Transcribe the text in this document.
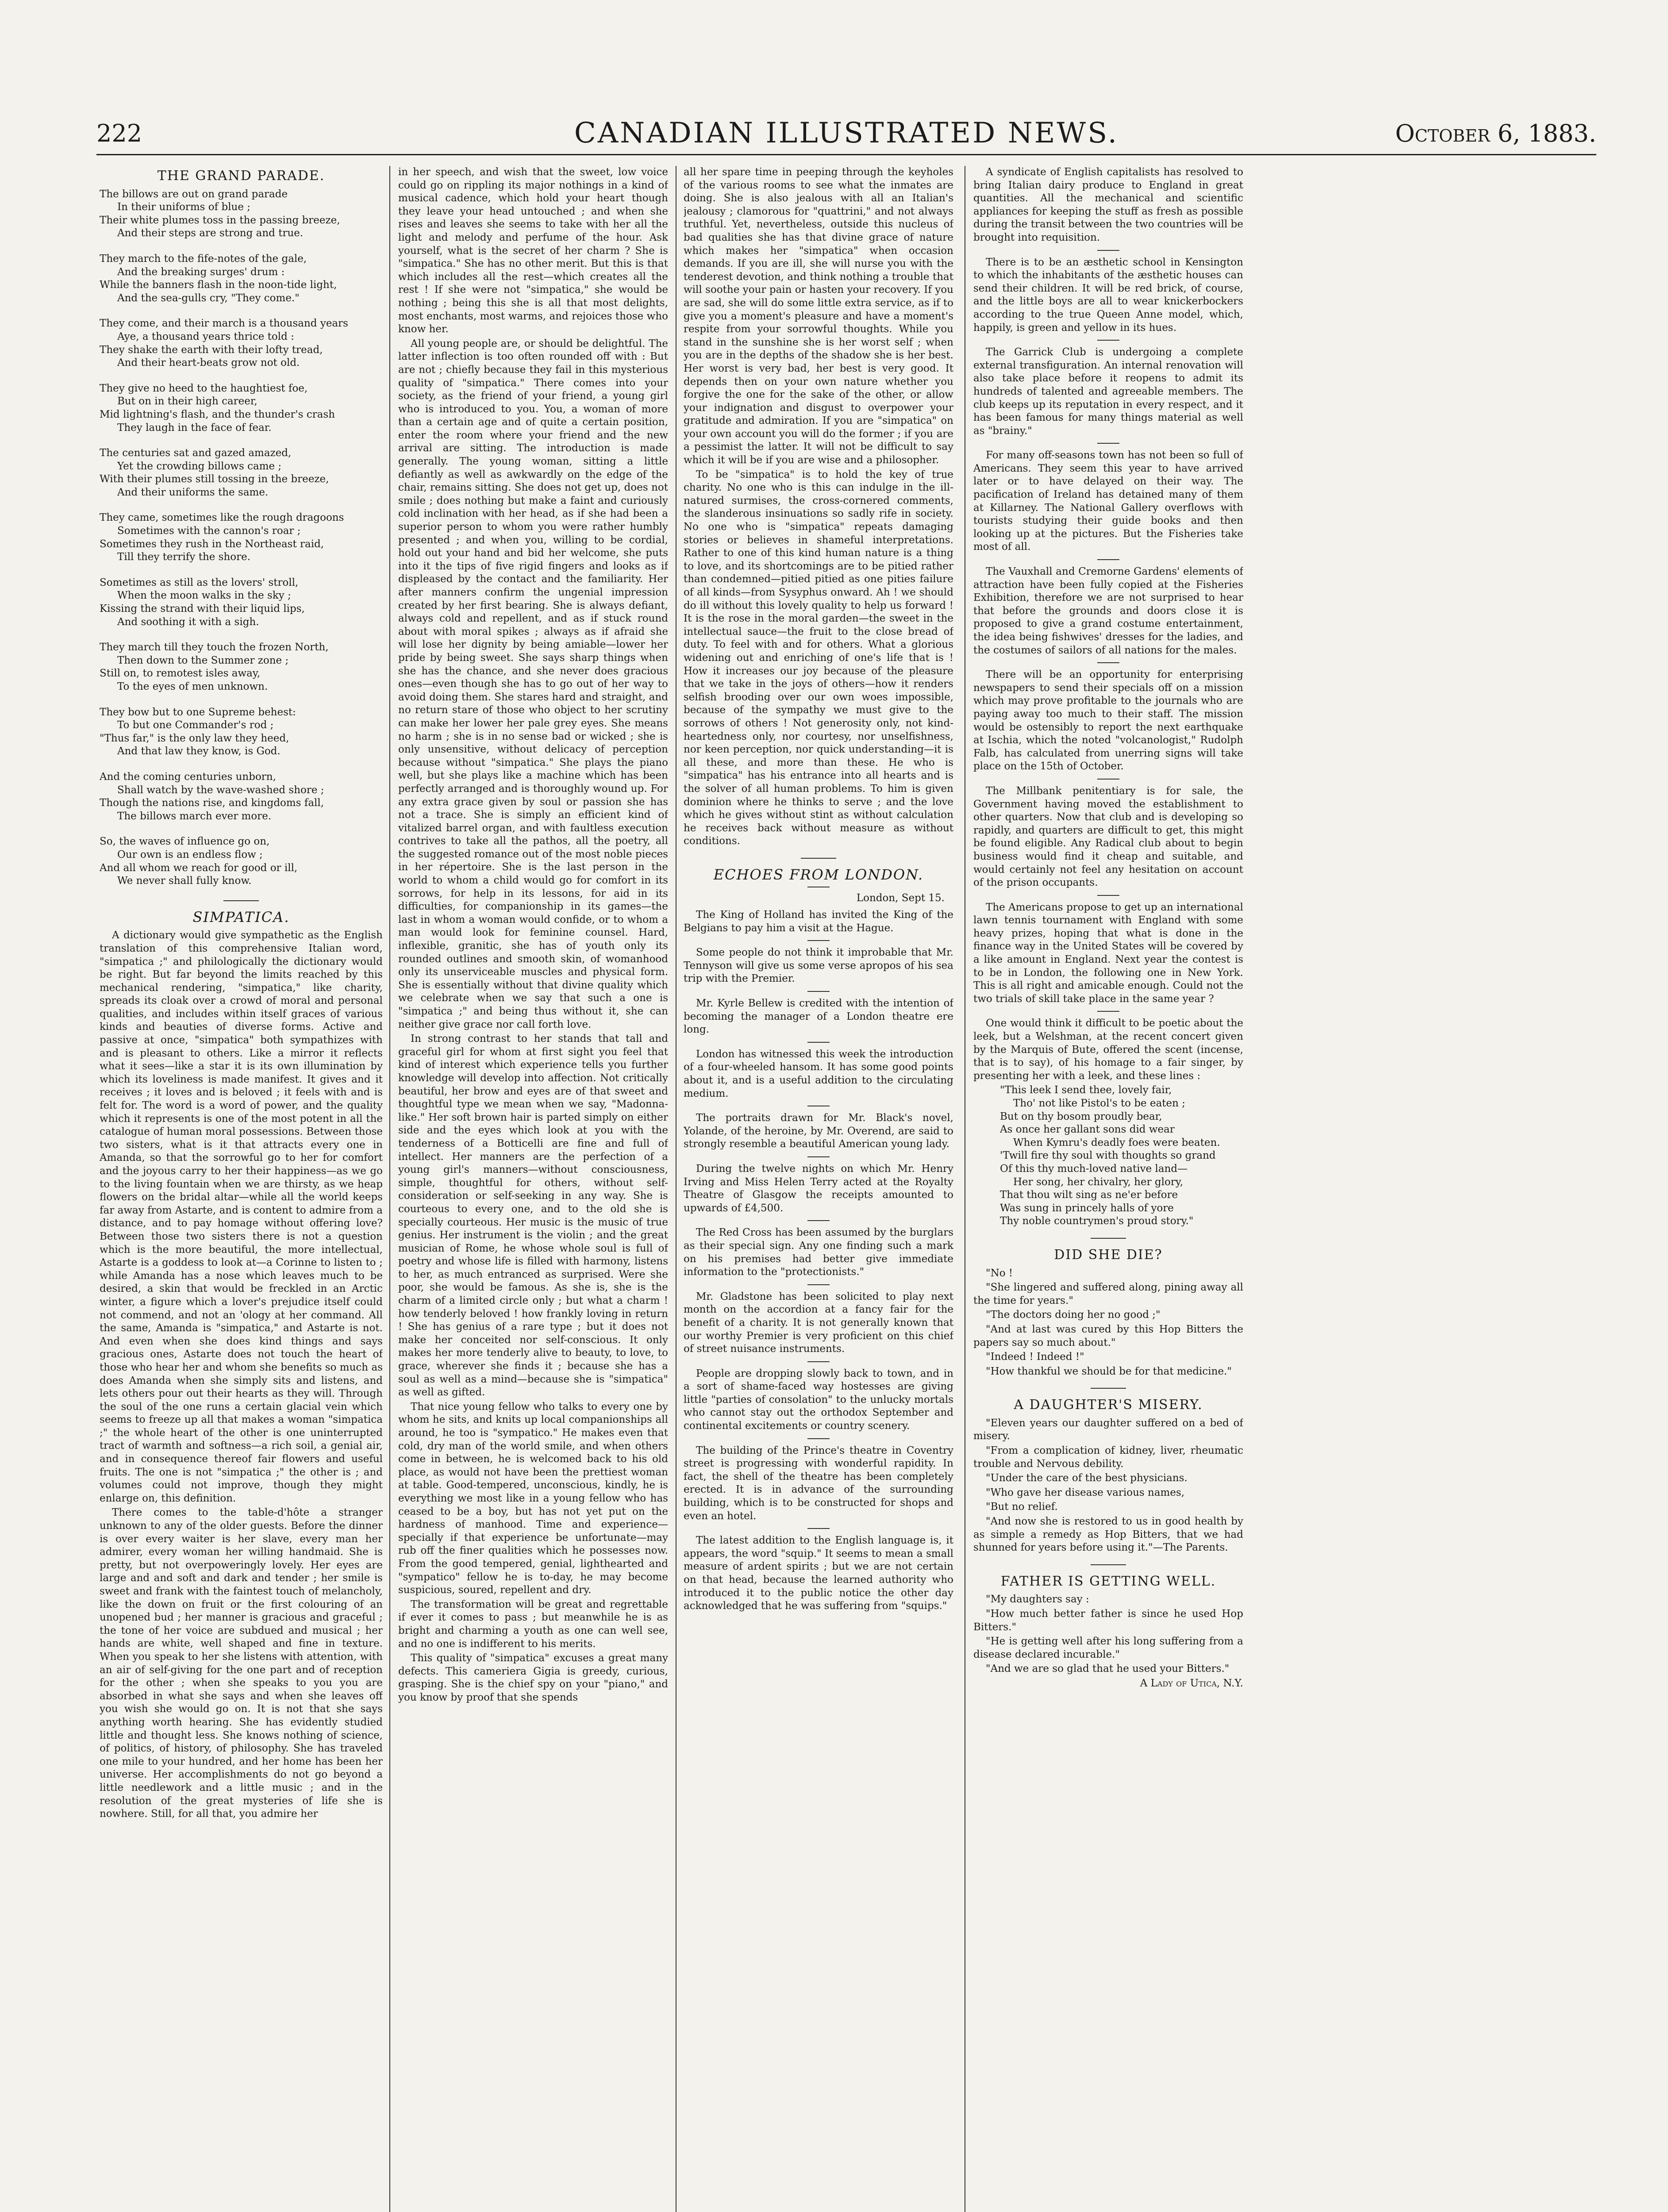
222	CANADIAN ILLUSTRATED NEWS.	October 6, 1883.
THE GRAND PARADE.
The billows are out on grand parade
In their uniforms of blue ;
Their white plumes toss in the passing breeze,
And their steps are strong and true.
They march to the fife-notes of the gale,
And the breaking surges' drum :
While the banners flash in the noon-tide light,
And the sea-gulls cry, "They come."
They come, and their march is a thousand years
Aye, a thousand years thrice told :
They shake the earth with their lofty tread,
And their heart-beats grow not old.
They give no heed to the haughtiest foe,
But on in their high career,
Mid lightning's flash, and the thunder's crash
They laugh in the face of fear.
The centuries sat and gazed amazed,
Yet the crowding billows came ;
With their plumes still tossing in the breeze,
And their uniforms the same.
They came, sometimes like the rough dragoons
Sometimes with the cannon's roar ;
Sometimes they rush in the Northeast raid,
Till they terrify the shore.
Sometimes as still as the lovers' stroll,
When the moon walks in the sky ;
Kissing the strand with their liquid lips,
And soothing it with a sigh.
They march till they touch the frozen North,
Then down to the Summer zone ;
Still on, to remotest isles away,
To the eyes of men unknown.
They bow but to one Supreme behest:
To but one Commander's rod ;
"Thus far," is the only law they heed,
And that law they know, is God.
And the coming centuries unborn,
Shall watch by the wave-washed shore ;
Though the nations rise, and kingdoms fall,
The billows march ever more.
So, the waves of influence go on,
Our own is an endless flow ;
And all whom we reach for good or ill,
We never shall fully know.
SIMPATICA.

A dictionary would give sympathetic as the English translation of this comprehensive Italian word, "simpatica ;" and philologically the dictionary would be right. But far beyond the limits reached by this mechanical rendering, "simpatica," like charity, spreads its cloak over a crowd of moral and personal qualities, and includes within itself graces of various kinds and beauties of diverse forms. Active and passive at once, "simpatica" both sympathizes with and is pleasant to others. Like a mirror it reflects what it sees—like a star it is its own illumination by which its loveliness is made manifest. It gives and it receives ; it loves and is beloved ; it feels with and is felt for. The word is a word of power, and the quality which it represents is one of the most potent in all the catalogue of human moral possessions. Between those two sisters, what is it that attracts every one in Amanda, so that the sorrowful go to her for comfort and the joyous carry to her their happiness—as we go to the living fountain when we are thirsty, as we heap flowers on the bridal altar—while all the world keeps far away from Astarte, and is content to admire from a distance, and to pay homage without offering love? Between those two sisters there is not a question which is the more beautiful, the more intellectual, Astarte is a goddess to look at—a Corinne to listen to ; while Amanda has a nose which leaves much to be desired, a skin that would be freckled in an Arctic winter, a figure which a lover's prejudice itself could not commend, and not an 'ology at her command. All the same, Amanda is "simpatica," and Astarte is not. And even when she does kind things and says gracious ones, Astarte does not touch the heart of those who hear her and whom she benefits so much as does Amanda when she simply sits and listens, and lets others pour out their hearts as they will. Through the soul of the one runs a certain glacial vein which seems to freeze up all that makes a woman "simpatica ;" the whole heart of the other is one uninterrupted tract of warmth and softness—a rich soil, a genial air, and in consequence thereof fair flowers and useful fruits. The one is not "simpatica ;" the other is ; and volumes could not improve, though they might enlarge on, this definition.

There comes to the table-d'hôte a stranger unknown to any of the older guests. Before the dinner is over every waiter is her slave, every man her admirer, every woman her willing handmaid. She is pretty, but not overpoweringly lovely. Her eyes are large and and soft and dark and tender ; her smile is sweet and frank with the faintest touch of melancholy, like the down on fruit or the first colouring of an unopened bud ; her manner is gracious and graceful ; the tone of her voice are subdued and musical ; her hands are white, well shaped and fine in texture. When you speak to her she listens with attention, with an air of self-giving for the one part and of reception for the other ; when she speaks to you you are absorbed in what she says and when she leaves off you wish she would go on. It is not that she says anything worth hearing. She has evidently studied little and thought less. She knows nothing of science, of politics, of history, of philosophy. She has traveled one mile to your hundred, and her home has been her universe. Her accomplishments do not go beyond a little needlework and a little music ; and in the resolution of the great mysteries of life she is nowhere. Still, for all that, you admire her

in her speech, and wish that the sweet, low voice could go on rippling its major nothings in a kind of musical cadence, which hold your heart though they leave your head untouched ; and when she rises and leaves she seems to take with her all the light and melody and perfume of the hour. Ask yourself, what is the secret of her charm ? She is "simpatica." She has no other merit. But this is that which includes all the rest—which creates all the rest ! If she were not "simpatica," she would be nothing ; being this she is all that most delights, most enchants, most warms, and rejoices those who know her.

All young people are, or should be delightful. The latter inflection is too often rounded off with : But are not ; chiefly because they fail in this mysterious quality of "simpatica." There comes into your society, as the friend of your friend, a young girl who is introduced to you. You, a woman of more than a certain age and of quite a certain position, enter the room where your friend and the new arrival are sitting. The introduction is made generally. The young woman, sitting a little defiantly as well as awkwardly on the edge of the chair, remains sitting. She does not get up, does not smile ; does nothing but make a faint and curiously cold inclination with her head, as if she had been a superior person to whom you were rather humbly presented ; and when you, willing to be cordial, hold out your hand and bid her welcome, she puts into it the tips of five rigid fingers and looks as if displeased by the contact and the familiarity. Her after manners confirm the ungenial impression created by her first bearing. She is always defiant, always cold and repellent, and as if stuck round about with moral spikes ; always as if afraid she will lose her dignity by being amiable—lower her pride by being sweet. She says sharp things when she has the chance, and she never does gracious ones—even though she has to go out of her way to avoid doing them. She stares hard and straight, and no return stare of those who object to her scrutiny can make her lower her pale grey eyes. She means no harm ; she is in no sense bad or wicked ; she is only unsensitive, without delicacy of perception because without "simpatica." She plays the piano well, but she plays like a machine which has been perfectly arranged and is thoroughly wound up. For any extra grace given by soul or passion she has not a trace. She is simply an efficient kind of vitalized barrel organ, and with faultless execution contrives to take all the pathos, all the poetry, all the suggested romance out of the most noble pieces in her répertoire. She is the last person in the world to whom a child would go for comfort in its sorrows, for help in its lessons, for aid in its difficulties, for companionship in its games—the last in whom a woman would confide, or to whom a man would look for feminine counsel. Hard, inflexible, granitic, she has of youth only its rounded outlines and smooth skin, of womanhood only its unserviceable muscles and physical form. She is essentially without that divine quality which we celebrate when we say that such a one is "simpatica ;" and being thus without it, she can neither give grace nor call forth love.

In strong contrast to her stands that tall and graceful girl for whom at first sight you feel that kind of interest which experience tells you further knowledge will develop into affection. Not critically beautiful, her brow and eyes are of that sweet and thoughtful type we mean when we say, "Madonna-like." Her soft brown hair is parted simply on either side and the eyes which look at you with the tenderness of a Botticelli are fine and full of intellect. Her manners are the perfection of a young girl's manners—without consciousness, simple, thoughtful for others, without self-consideration or self-seeking in any way. She is courteous to every one, and to the old she is specially courteous. Her music is the music of true genius. Her instrument is the violin ; and the great musician of Rome, he whose whole soul is full of poetry and whose life is filled with harmony, listens to her, as much entranced as surprised. Were she poor, she would be famous. As she is, she is the charm of a limited circle only ; but what a charm ! how tenderly beloved ! how frankly loving in return ! She has genius of a rare type ; but it does not make her conceited nor self-conscious. It only makes her more tenderly alive to beauty, to love, to grace, wherever she finds it ; because she has a soul as well as a mind—because she is "simpatica" as well as gifted.

That nice young fellow who talks to every one by whom he sits, and knits up local companionships all around, he too is "sympatico." He makes even that cold, dry man of the world smile, and when others come in between, he is welcomed back to his old place, as would not have been the prettiest woman at table. Good-tempered, unconscious, kindly, he is everything we most like in a young fellow who has ceased to be a boy, but has not yet put on the hardness of manhood. Time and experience—specially if that experience be unfortunate—may rub off the finer qualities which he possesses now. From the good tempered, genial, lighthearted and "sympatico" fellow he is to-day, he may become suspicious, soured, repellent and dry.

The transformation will be great and regrettable if ever it comes to pass ; but meanwhile he is as bright and charming a youth as one can well see, and no one is indifferent to his merits.

This quality of "simpatica" excuses a great many defects. This cameriera Gigia is greedy, curious, grasping. She is the chief spy on your "piano," and you know by proof that she spends

all her spare time in peeping through the keyholes of the various rooms to see what the inmates are doing. She is also jealous with all an Italian's jealousy ; clamorous for "quattrini," and not always truthful. Yet, nevertheless, outside this nucleus of bad qualities she has that divine grace of nature which makes her "simpatica" when occasion demands. If you are ill, she will nurse you with the tenderest devotion, and think nothing a trouble that will soothe your pain or hasten your recovery. If you are sad, she will do some little extra service, as if to give you a moment's pleasure and have a moment's respite from your sorrowful thoughts. While you stand in the sunshine she is her worst self ; when you are in the depths of the shadow she is her best. Her worst is very bad, her best is very good. It depends then on your own nature whether you forgive the one for the sake of the other, or allow your indignation and disgust to overpower your gratitude and admiration. If you are "simpatica" on your own account you will do the former ; if you are a pessimist the latter. It will not be difficult to say which it will be if you are wise and a philosopher.

To be "simpatica" is to hold the key of true charity. No one who is this can indulge in the ill-natured surmises, the cross-cornered comments, the slanderous insinuations so sadly rife in society. No one who is "simpatica" repeats damaging stories or believes in shameful interpretations. Rather to one of this kind human nature is a thing to love, and its shortcomings are to be pitied rather than condemned—pitied pitied as one pities failure of all kinds—from Sysyphus onward. Ah ! we should do ill without this lovely quality to help us forward ! It is the rose in the moral garden—the sweet in the intellectual sauce—the fruit to the close bread of duty. To feel with and for others. What a glorious widening out and enriching of one's life that is ! How it increases our joy because of the pleasure that we take in the joys of others—how it renders selfish brooding over our own woes impossible, because of the sympathy we must give to the sorrows of others ! Not generosity only, not kind-heartedness only, nor courtesy, nor unselfishness, nor keen perception, nor quick understanding—it is all these, and more than these. He who is "simpatica" has his entrance into all hearts and is the solver of all human problems. To him is given dominion where he thinks to serve ; and the love which he gives without stint as without calculation he receives back without measure as without conditions.

ECHOES FROM LONDON.
London, Sept 15.

The King of Holland has invited the King of the Belgians to pay him a visit at the Hague.

Some people do not think it improbable that Mr. Tennyson will give us some verse apropos of his sea trip with the Premier.

Mr. Kyrle Bellew is credited with the intention of becoming the manager of a London theatre ere long.

London has witnessed this week the introduction of a four-wheeled hansom. It has some good points about it, and is a useful addition to the circulating medium.

The portraits drawn for Mr. Black's novel, Yolande, of the heroine, by Mr. Overend, are said to strongly resemble a beautiful American young lady.

During the twelve nights on which Mr. Henry Irving and Miss Helen Terry acted at the Royalty Theatre of Glasgow the receipts amounted to upwards of £4,500.

The Red Cross has been assumed by the burglars as their special sign. Any one finding such a mark on his premises had better give immediate information to the "protectionists."

Mr. Gladstone has been solicited to play next month on the accordion at a fancy fair for the benefit of a charity. It is not generally known that our worthy Premier is very proficient on this chief of street nuisance instruments.

People are dropping slowly back to town, and in a sort of shame-faced way hostesses are giving little "parties of consolation" to the unlucky mortals who cannot stay out the orthodox September and continental excitements or country scenery.

The building of the Prince's theatre in Coventry street is progressing with wonderful rapidity. In fact, the shell of the theatre has been completely erected. It is in advance of the surrounding building, which is to be constructed for shops and even an hotel.

The latest addition to the English language is, it appears, the word "squip." It seems to mean a small measure of ardent spirits ; but we are not certain on that head, because the learned authority who introduced it to the public notice the other day acknowledged that he was suffering from "squips."

A syndicate of English capitalists has resolved to bring Italian dairy produce to England in great quantities. All the mechanical and scientific appliances for keeping the stuff as fresh as possible during the transit between the two countries will be brought into requisition.

There is to be an æsthetic school in Kensington to which the inhabitants of the æsthetic houses can send their children. It will be red brick, of course, and the little boys are all to wear knickerbockers according to the true Queen Anne model, which, happily, is green and yellow in its hues.

The Garrick Club is undergoing a complete external transfiguration. An internal renovation will also take place before it reopens to admit its hundreds of talented and agreeable members. The club keeps up its reputation in every respect, and it has been famous for many things material as well as "brainy."

For many off-seasons town has not been so full of Americans. They seem this year to have arrived later or to have delayed on their way. The pacification of Ireland has detained many of them at Killarney. The National Gallery overflows with tourists studying their guide books and then looking up at the pictures. But the Fisheries take most of all.

The Vauxhall and Cremorne Gardens' elements of attraction have been fully copied at the Fisheries Exhibition, therefore we are not surprised to hear that before the grounds and doors close it is proposed to give a grand costume entertainment, the idea being fishwives' dresses for the ladies, and the costumes of sailors of all nations for the males.

There will be an opportunity for enterprising newspapers to send their specials off on a mission which may prove profitable to the journals who are paying away too much to their staff. The mission would be ostensibly to report the next earthquake at Ischia, which the noted "volcanologist," Rudolph Falb, has calculated from unerring signs will take place on the 15th of October.

The Millbank penitentiary is for sale, the Government having moved the establishment to other quarters. Now that club and is developing so rapidly, and quarters are difficult to get, this might be found eligible. Any Radical club about to begin business would find it cheap and suitable, and would certainly not feel any hesitation on account of the prison occupants.

The Americans propose to get up an international lawn tennis tournament with England with some heavy prizes, hoping that what is done in the finance way in the United States will be covered by a like amount in England. Next year the contest is to be in London, the following one in New York. This is all right and amicable enough. Could not the two trials of skill take place in the same year ?

One would think it difficult to be poetic about the leek, but a Welshman, at the recent concert given by the Marquis of Bute, offered the scent (incense, that is to say), of his homage to a fair singer, by presenting her with a leek, and these lines :

"This leek I send thee, lovely fair,
Tho' not like Pistol's to be eaten ;
But on thy bosom proudly bear,
As once her gallant sons did wear
When Kymru's deadly foes were beaten.
'Twill fire thy soul with thoughts so grand
Of this thy much-loved native land—
Her song, her chivalry, her glory,
That thou wilt sing as ne'er before
Was sung in princely halls of yore
Thy noble countrymen's proud story."
DID SHE DIE?

"No !

"She lingered and suffered along, pining away all the time for years."

"The doctors doing her no good ;"

"And at last was cured by this Hop Bitters the papers say so much about."

"Indeed ! Indeed !"

"How thankful we should be for that medicine."

A DAUGHTER'S MISERY.

"Eleven years our daughter suffered on a bed of misery.

"From a complication of kidney, liver, rheumatic trouble and Nervous debility.

"Under the care of the best physicians.

"Who gave her disease various names,

"But no relief.

"And now she is restored to us in good health by as simple a remedy as Hop Bitters, that we had shunned for years before using it."—The Parents.

FATHER IS GETTING WELL.

"My daughters say :

"How much better father is since he used Hop Bitters."

"He is getting well after his long suffering from a disease declared incurable."

"And we are so glad that he used your Bitters."

A Lady of Utica, N.Y.
